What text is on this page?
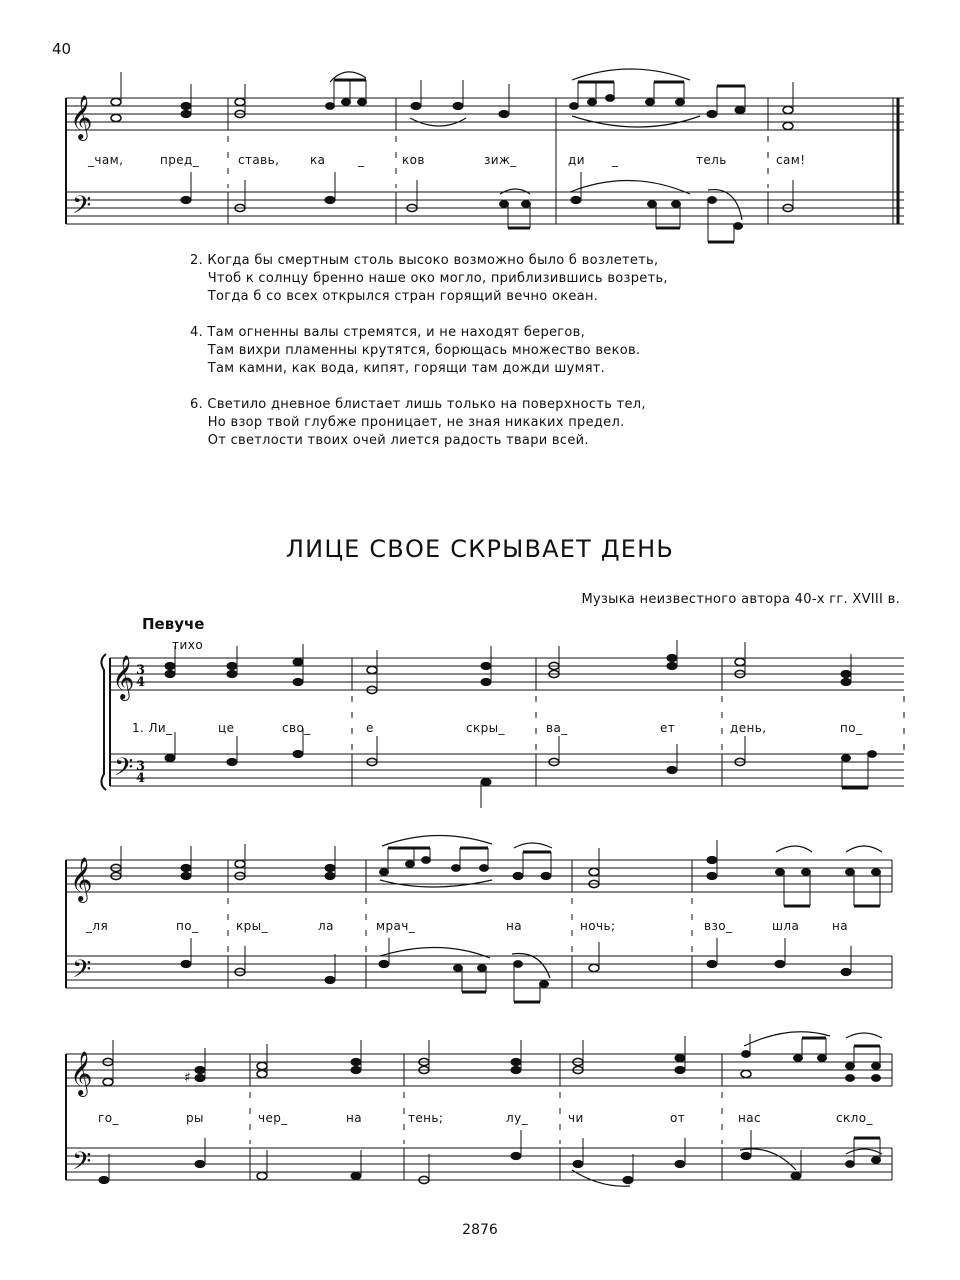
40
𝄞
𝄢
_чам,	пред_	ставь,	ка	_	ков	зиж_	ди _	тель	сам!
2. Когда бы смертным столь высоко возможно было б возлететь,
Чтоб к солнцу бренно наше око могло, приблизившись возреть,
Тогда б со всех открылся стран горящий вечно океан.
4. Там огненны валы стремятся, и не находят берегов,
Там вихри пламенны крутятся, борющась множество веков.
Там камни, как вода, кипят, горящи там дожди шумят.
6. Светило дневное блистает лишь только на поверхность тел,
Но взор твой глубже проницает, не зная никаких предел.
От светлости твоих очей лиется радость твари всей.
ЛИЦЕ СВОЕ СКРЫВАЕТ ДЕНЬ
Музыка неизвестного автора 40-х гг. XVIII в.
Певуче
тихо
𝄞
𝄢
3
4
3
4
1. Ли_	це	сво_	е	скры_	ва_	ет	день,	по_
𝄞
𝄢
_ля	по_	кры_	ла	мрач_	на	ночь;	взо_	шла	на
𝄞
𝄢
♯
го_	ры	чер_	на	тень;	лу_	чи	от	нас	скло_
2876
